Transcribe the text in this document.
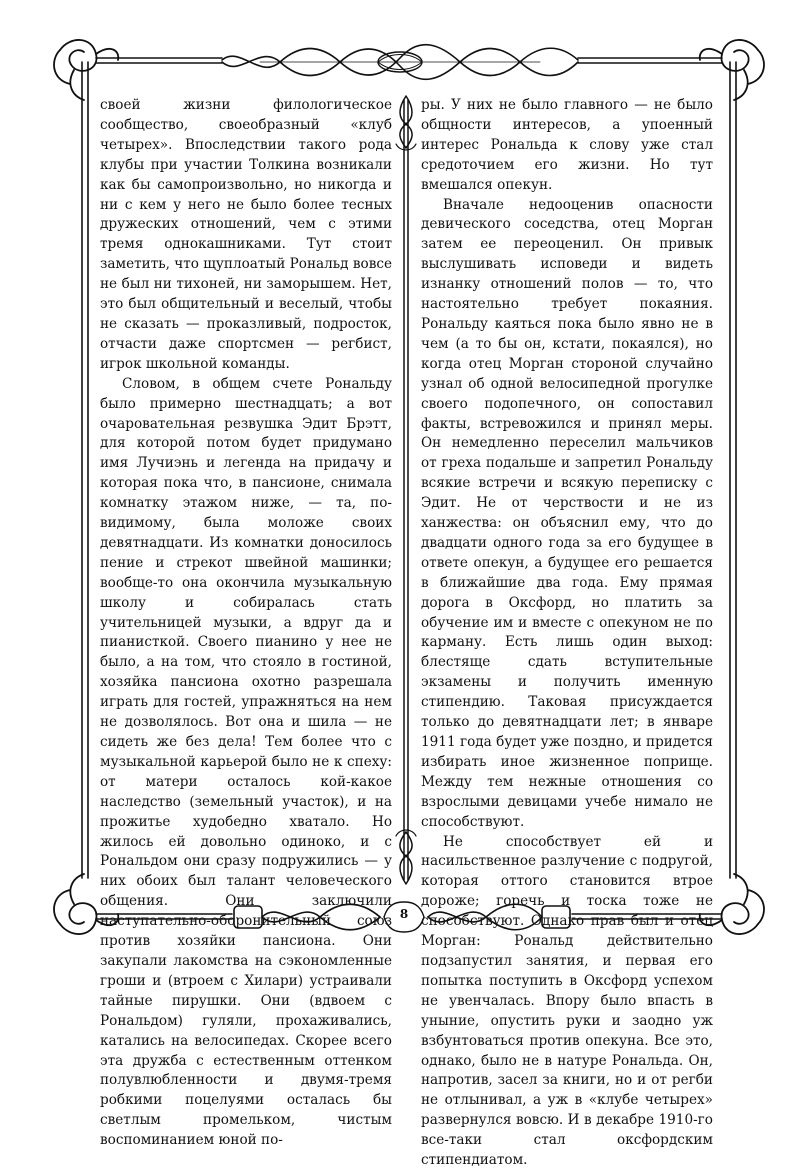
своей жизни филологическое сообщество, своеобразный «клуб четырех». Впоследствии такого рода клубы при участии Толкина возникали как бы самопроизвольно, но никогда и ни с кем у него не было более тесных дружеских отношений, чем с этими тремя однокашниками. Тут стоит заметить, что щуплоатый Рональд вовсе не был ни тихоней, ни заморышем. Нет, это был общительный и веселый, чтобы не сказать — проказливый, подросток, отчасти даже спортсмен — регбист, игрок школьной команды.

Словом, в общем счете Рональду было примерно шестнадцать; а вот очаровательная резвушка Эдит Брэтт, для которой потом будет придумано имя Лучиэнь и легенда на придачу и которая пока что, в пансионе, снимала комнатку этажом ниже, — та, по-видимому, была моложе своих девятнадцати. Из комнатки доносилось пение и стрекот швейной машинки; вообще-то она окончила музыкальную школу и собиралась стать учительницей музыки, а вдруг да и пианисткой. Своего пианино у нее не было, а на том, что стояло в гостиной, хозяйка пансиона охотно разрешала играть для гостей, упражняться на нем не дозволялось. Вот она и шила — не сидеть же без дела! Тем более что с музыкальной карьерой было не к спеху: от матери осталось кой-какое наследство (земельный участок), и на прожитье худобедно хватало. Но жилось ей довольно одиноко, и с Рональдом они сразу подружились — у них обоих был талант человеческого общения. Они заключили наступательно-оборонительный союз против хозяйки пансиона. Они закупали лакомства на сэкономленные гроши и (втроем с Хилари) устраивали тайные пирушки. Они (вдвоем с Рональдом) гуляли, прохаживались, катались на велосипедах. Скорее всего эта дружба с естественным оттенком полувлюбленности и двумя-тремя робкими поцелуями осталась бы светлым промельком, чистым воспоминанием юной по-

ры. У них не было главного — не было общности интересов, а упоенный интерес Рональда к слову уже стал средоточием его жизни. Но тут вмешался опекун.

Вначале недооценив опасности девического соседства, отец Морган затем ее переоценил. Он привык выслушивать исповеди и видеть изнанку отношений полов — то, что настоятельно требует покаяния. Рональду каяться пока было явно не в чем (а то бы он, кстати, покаялся), но когда отец Морган стороной случайно узнал об одной велосипедной прогулке своего подопечного, он сопоставил факты, встревожился и принял меры. Он немедленно переселил мальчиков от греха подальше и запретил Рональду всякие встречи и всякую переписку с Эдит. Не от черствости и не из ханжества: он объяснил ему, что до двадцати одного года за его будущее в ответе опекун, а будущее его решается в ближайшие два года. Ему прямая дорога в Оксфорд, но платить за обучение им и вместе с опекуном не по карману. Есть лишь один выход: блестяще сдать вступительные экзамены и получить именную стипендию. Таковая присуждается только до девятнадцати лет; в январе 1911 года будет уже поздно, и придется избирать иное жизненное поприще. Между тем нежные отношения со взрослыми девицами учебе нимало не способствуют.

Не способствует ей и насильственное разлучение с подругой, которая оттого становится втрое дороже; горечь и тоска тоже не способствуют. Однако прав был и отец Морган: Рональд действительно подзапустил занятия, и первая его попытка поступить в Оксфорд успехом не увенчалась. Впору было впасть в уныние, опустить руки и заодно уж взбунтоваться против опекуна. Все это, однако, было не в натуре Рональда. Он, напротив, засел за книги, но и от регби не отлынивал, а уж в «клубе четырех» развернулся вовсю. И в декабре 1910-го все-таки стал оксфордским стипендиатом.

8
